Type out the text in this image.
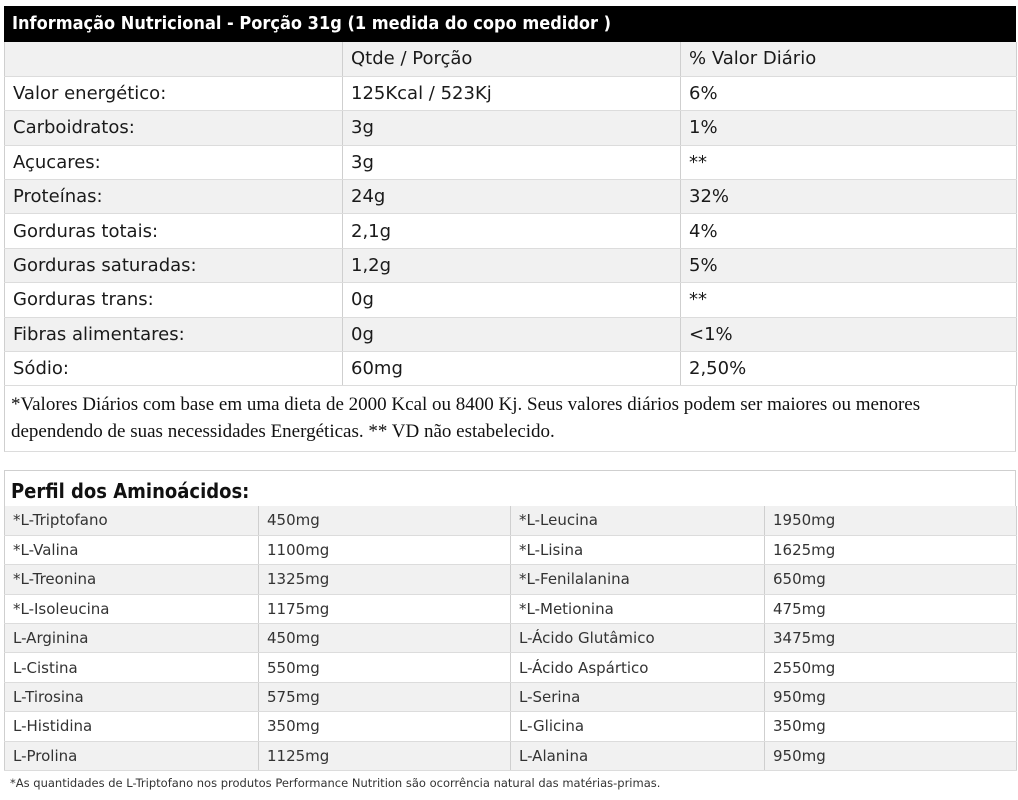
Informação Nutricional - Porção 31g (1 medida do copo medidor )
	Qtde / Porção	% Valor Diário
Valor energético:	125Kcal / 523Kj	6%
Carboidratos:	3g	1%
Açucares:	3g	**
Proteínas:	24g	32%
Gorduras totais:	2,1g	4%
Gorduras saturadas:	1,2g	5%
Gorduras trans:	0g	**
Fibras alimentares:	0g	<1%
Sódio:	60mg	2,50%
*Valores Diários com base em uma dieta de 2000 Kcal ou 8400 Kj. Seus valores diários podem ser maiores ou menores dependendo de suas necessidades Energéticas. ** VD não estabelecido.
Perfil dos Aminoácidos:
*L-Triptofano	450mg	*L-Leucina	1950mg
*L-Valina	1100mg	*L-Lisina	1625mg
*L-Treonina	1325mg	*L-Fenilalanina	650mg
*L-Isoleucina	1175mg	*L-Metionina	475mg
L-Arginina	450mg	L-Ácido Glutâmico	3475mg
L-Cistina	550mg	L-Ácido Aspártico	2550mg
L-Tirosina	575mg	L-Serina	950mg
L-Histidina	350mg	L-Glicina	350mg
L-Prolina	1125mg	L-Alanina	950mg
*As quantidades de L-Triptofano nos produtos Performance Nutrition são ocorrência natural das matérias-primas.
